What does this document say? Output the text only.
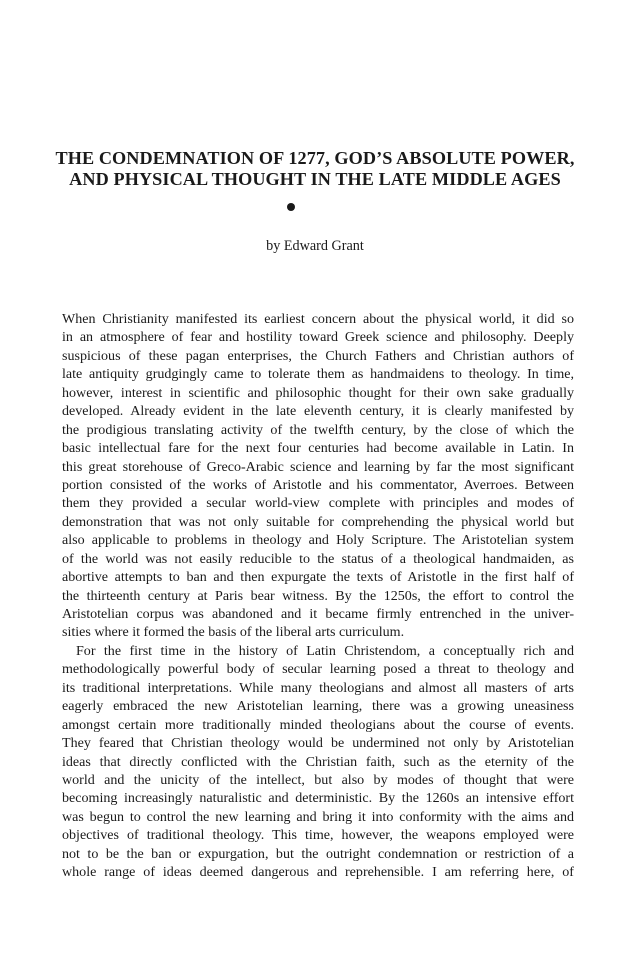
THE CONDEMNATION OF 1277, GOD’S ABSOLUTE POWER,
AND PHYSICAL THOUGHT IN THE LATE MIDDLE AGES
by Edward Grant
When Christianity manifested its earliest concern about the physical world, it did so
in an atmosphere of fear and hostility toward Greek science and philosophy. Deeply
suspicious of these pagan enterprises, the Church Fathers and Christian authors of
late antiquity grudgingly came to tolerate them as handmaidens to theology. In time,
however, interest in scientific and philosophic thought for their own sake gradually
developed. Already evident in the late eleventh century, it is clearly manifested by
the prodigious translating activity of the twelfth century, by the close of which the
basic intellectual fare for the next four centuries had become available in Latin. In
this great storehouse of Greco-Arabic science and learning by far the most significant
portion consisted of the works of Aristotle and his commentator, Averroes. Between
them they provided a secular world-view complete with principles and modes of
demonstration that was not only suitable for comprehending the physical world but
also applicable to problems in theology and Holy Scripture. The Aristotelian system
of the world was not easily reducible to the status of a theological handmaiden, as
abortive attempts to ban and then expurgate the texts of Aristotle in the first half of
the thirteenth century at Paris bear witness. By the 1250s, the effort to control the
Aristotelian corpus was abandoned and it became firmly entrenched in the univer-
sities where it formed the basis of the liberal arts curriculum.
For the first time in the history of Latin Christendom, a conceptually rich and
methodologically powerful body of secular learning posed a threat to theology and
its traditional interpretations. While many theologians and almost all masters of arts
eagerly embraced the new Aristotelian learning, there was a growing uneasiness
amongst certain more traditionally minded theologians about the course of events.
They feared that Christian theology would be undermined not only by Aristotelian
ideas that directly conflicted with the Christian faith, such as the eternity of the
world and the unicity of the intellect, but also by modes of thought that were
becoming increasingly naturalistic and deterministic. By the 1260s an intensive effort
was begun to control the new learning and bring it into conformity with the aims and
objectives of traditional theology. This time, however, the weapons employed were
not to be the ban or expurgation, but the outright condemnation or restriction of a
whole range of ideas deemed dangerous and reprehensible. I am referring here, of
